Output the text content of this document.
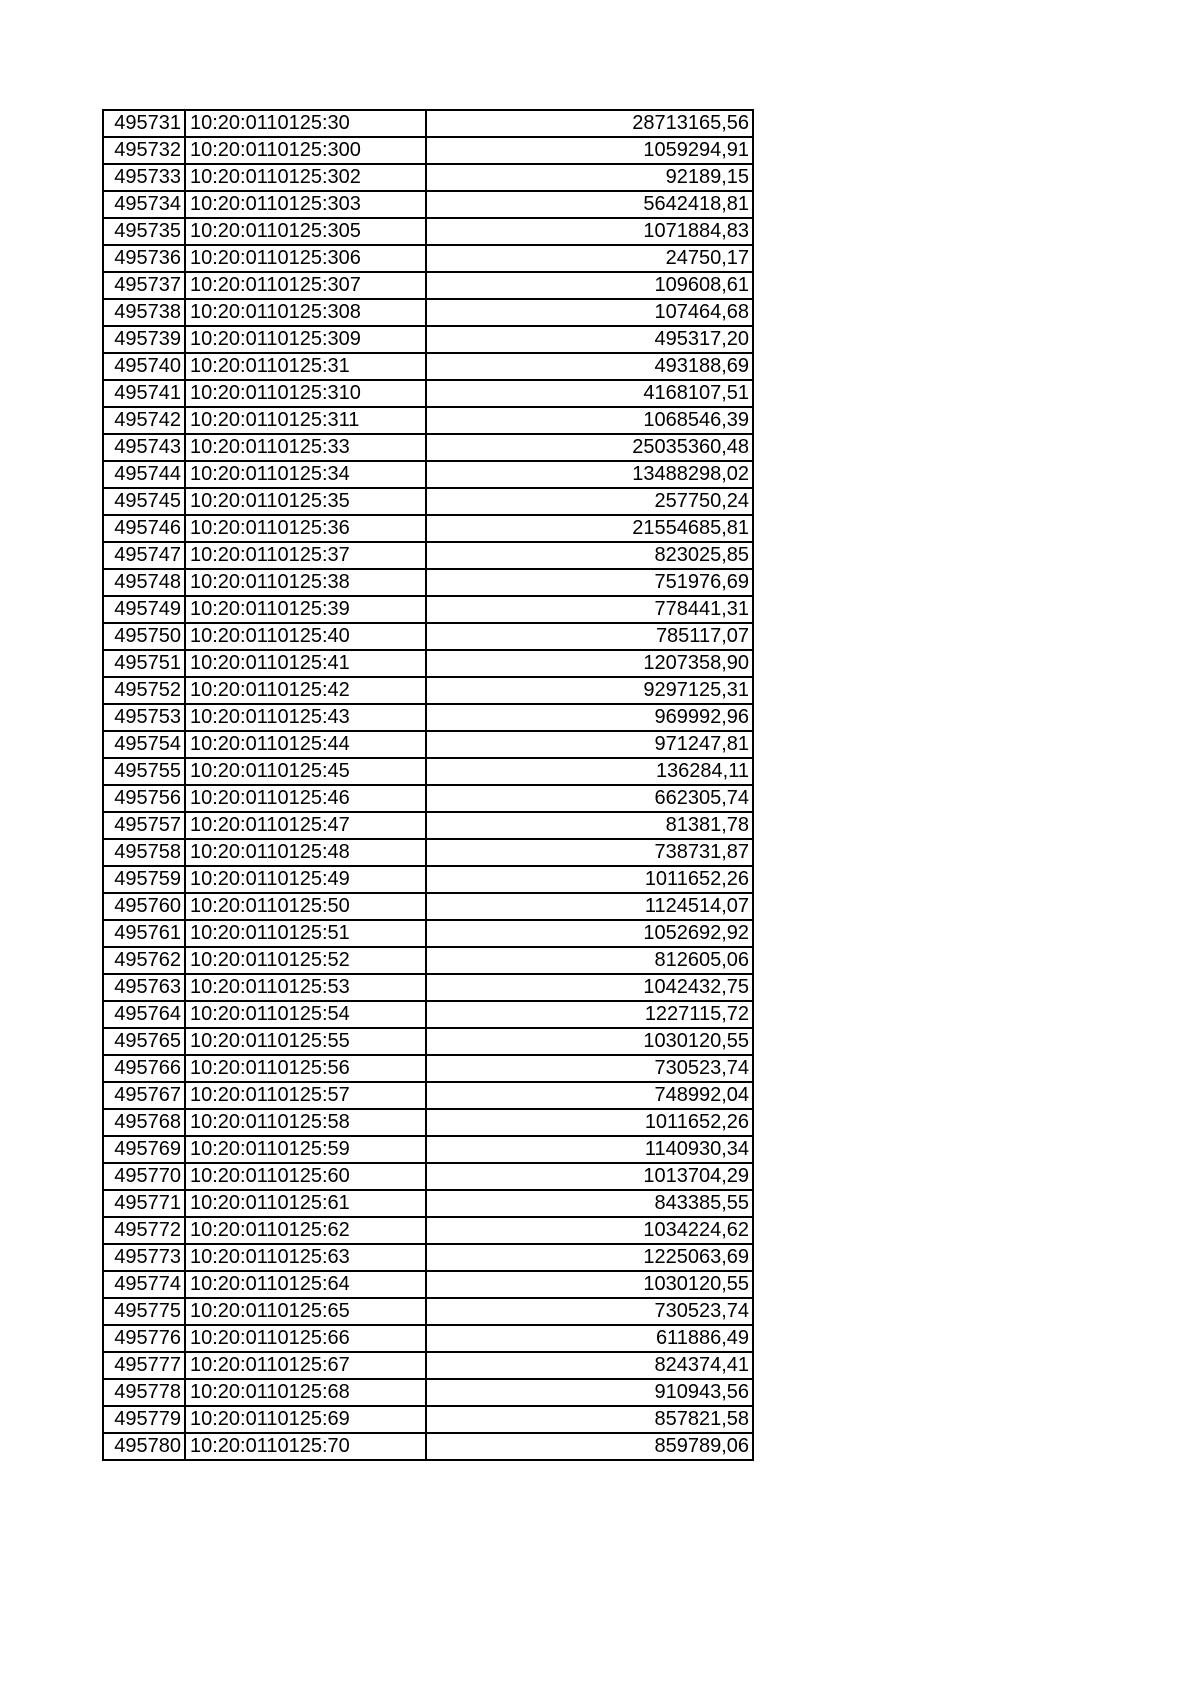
495731	10:20:0110125:30	28713165,56
495732	10:20:0110125:300	1059294,91
495733	10:20:0110125:302	92189,15
495734	10:20:0110125:303	5642418,81
495735	10:20:0110125:305	1071884,83
495736	10:20:0110125:306	24750,17
495737	10:20:0110125:307	109608,61
495738	10:20:0110125:308	107464,68
495739	10:20:0110125:309	495317,20
495740	10:20:0110125:31	493188,69
495741	10:20:0110125:310	4168107,51
495742	10:20:0110125:311	1068546,39
495743	10:20:0110125:33	25035360,48
495744	10:20:0110125:34	13488298,02
495745	10:20:0110125:35	257750,24
495746	10:20:0110125:36	21554685,81
495747	10:20:0110125:37	823025,85
495748	10:20:0110125:38	751976,69
495749	10:20:0110125:39	778441,31
495750	10:20:0110125:40	785117,07
495751	10:20:0110125:41	1207358,90
495752	10:20:0110125:42	9297125,31
495753	10:20:0110125:43	969992,96
495754	10:20:0110125:44	971247,81
495755	10:20:0110125:45	136284,11
495756	10:20:0110125:46	662305,74
495757	10:20:0110125:47	81381,78
495758	10:20:0110125:48	738731,87
495759	10:20:0110125:49	1011652,26
495760	10:20:0110125:50	1124514,07
495761	10:20:0110125:51	1052692,92
495762	10:20:0110125:52	812605,06
495763	10:20:0110125:53	1042432,75
495764	10:20:0110125:54	1227115,72
495765	10:20:0110125:55	1030120,55
495766	10:20:0110125:56	730523,74
495767	10:20:0110125:57	748992,04
495768	10:20:0110125:58	1011652,26
495769	10:20:0110125:59	1140930,34
495770	10:20:0110125:60	1013704,29
495771	10:20:0110125:61	843385,55
495772	10:20:0110125:62	1034224,62
495773	10:20:0110125:63	1225063,69
495774	10:20:0110125:64	1030120,55
495775	10:20:0110125:65	730523,74
495776	10:20:0110125:66	611886,49
495777	10:20:0110125:67	824374,41
495778	10:20:0110125:68	910943,56
495779	10:20:0110125:69	857821,58
495780	10:20:0110125:70	859789,06
